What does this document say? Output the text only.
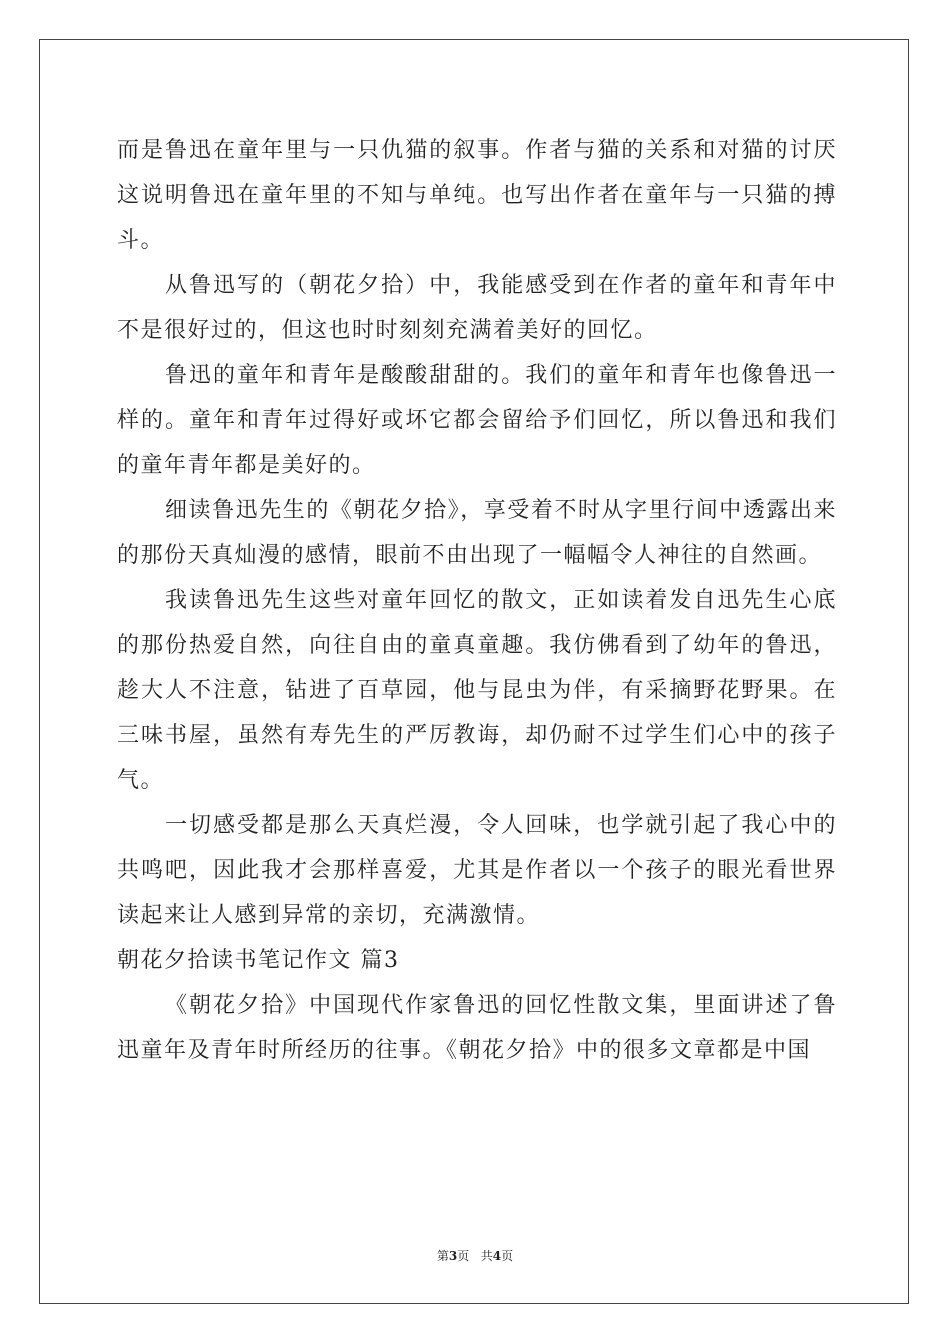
而是鲁迅在童年里与一只仇猫的叙事。作者与猫的关系和对猫的讨厌这说明鲁迅在童年里的不知与单纯。也写出作者在童年与一只猫的搏斗。

从鲁迅写的（朝花夕拾）中，我能感受到在作者的童年和青年中不是很好过的，但这也时时刻刻充满着美好的回忆。

鲁迅的童年和青年是酸酸甜甜的。我们的童年和青年也像鲁迅一样的。童年和青年过得好或坏它都会留给予们回忆，所以鲁迅和我们的童年青年都是美好的。

细读鲁迅先生的《朝花夕拾》，享受着不时从字里行间中透露出来的那份天真灿漫的感情，眼前不由出现了一幅幅令人神往的自然画。

我读鲁迅先生这些对童年回忆的散文，正如读着发自迅先生心底的那份热爱自然，向往自由的童真童趣。我仿佛看到了幼年的鲁迅，趁大人不注意，钻进了百草园，他与昆虫为伴，有采摘野花野果。在三味书屋，虽然有寿先生的严厉教诲，却仍耐不过学生们心中的孩子气。

一切感受都是那么天真烂漫，令人回味，也学就引起了我心中的共鸣吧，因此我才会那样喜爱，尤其是作者以一个孩子的眼光看世界读起来让人感到异常的亲切，充满激情。

朝花夕拾读书笔记作文 篇3

《朝花夕拾》中国现代作家鲁迅的回忆性散文集，里面讲述了鲁迅童年及青年时所经历的往事。《朝花夕拾》中的很多文章都是中国

第3页 共4页
